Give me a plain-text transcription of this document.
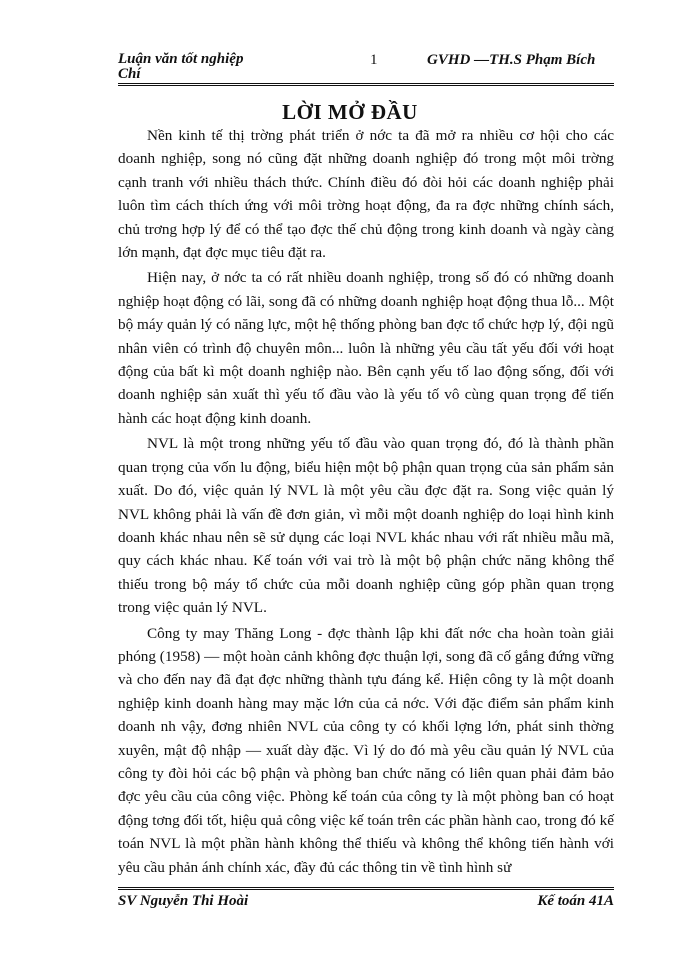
Luận văn tốt nghiệp
Chí
1	GVHD —TH.S Phạm Bích
LỜI MỞ ĐẦU

Nền kinh tế thị trờng phát triển ở nớc ta đã mở ra nhiều cơ hội cho các doanh nghiệp, song nó cũng đặt những doanh nghiệp đó trong một môi trờng cạnh tranh với nhiều thách thức. Chính điều đó đòi hỏi các doanh nghiệp phải luôn tìm cách thích ứng với môi trờng hoạt động, đa ra đợc những chính sách, chủ trơng hợp lý để có thể tạo đợc thế chủ động trong kinh doanh và ngày càng lớn mạnh, đạt đợc mục tiêu đặt ra.

Hiện nay, ở nớc ta có rất nhiều doanh nghiệp, trong số đó có những doanh nghiệp hoạt động có lãi, song đã có những doanh nghiệp hoạt động thua lỗ... Một bộ máy quản lý có năng lực, một hệ thống phòng ban đợc tổ chức hợp lý, đội ngũ nhân viên có trình độ chuyên môn... luôn là những yêu cầu tất yếu đối với hoạt động của bất kì một doanh nghiệp nào. Bên cạnh yếu tố lao động sống, đối với doanh nghiệp sản xuất thì yếu tố đầu vào là yếu tố vô cùng quan trọng để tiến hành các hoạt động kinh doanh.

NVL là một trong những yếu tố đầu vào quan trọng đó, đó là thành phần quan trọng của vốn lu động, biểu hiện một bộ phận quan trọng của sản phẩm sản xuất. Do đó, việc quản lý NVL là một yêu cầu đợc đặt ra. Song việc quản lý NVL không phải là vấn đề đơn giản, vì mỗi một doanh nghiệp do loại hình kinh doanh khác nhau nên sẽ sử dụng các loại NVL khác nhau với rất nhiều mẫu mã, quy cách khác nhau. Kế toán với vai trò là một bộ phận chức năng không thể thiếu trong bộ máy tổ chức của mỗi doanh nghiệp cũng góp phần quan trọng trong việc quản lý NVL.

Công ty may Thăng Long - đợc thành lập khi đất nớc cha hoàn toàn giải phóng (1958) — một hoàn cảnh không đợc thuận lợi, song đã cố gắng đứng vững và cho đến nay đã đạt đợc những thành tựu đáng kể. Hiện công ty là một doanh nghiệp kinh doanh hàng may mặc lớn của cả nớc. Với đặc điểm sản phẩm kinh doanh nh vậy, đơng nhiên NVL của công ty có khối lợng lớn, phát sinh thờng xuyên, mật độ nhập — xuất dày đặc. Vì lý do đó mà yêu cầu quản lý NVL của công ty đòi hỏi các bộ phận và phòng ban chức năng có liên quan phải đảm bảo đợc yêu cầu của công việc. Phòng kế toán của công ty là một phòng ban có hoạt động tơng đối tốt, hiệu quả công việc kế toán trên các phần hành cao, trong đó kế toán NVL là một phần hành không thể thiếu và không thể không tiến hành với yêu cầu phản ánh chính xác, đầy đủ các thông tin về tình hình sử

SV Nguyễn Thi Hoài	Kế toán 41A
